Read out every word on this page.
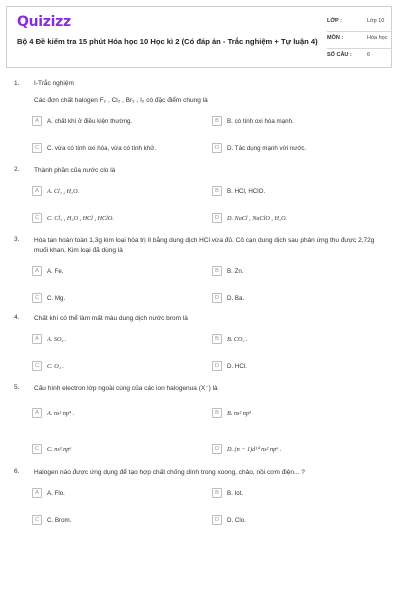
Quizizz
Bộ 4 Đề kiểm tra 15 phút Hóa học 10 Học kì 2 (Có đáp án - Trắc nghiệm + Tự luận 4)
LỚP :	Lớp 10
MÔN :	Hóa học
SỐ CÂU :	6
1. I-Trắc nghiệm
Các đơn chất halogen F₂ , Cl₂ , Br₂ , I₂ có đặc điểm chung là
A	A. chất khí ở điều kiện thường.	B	B. có tính oxi hóa mạnh.
C	C. vừa có tính oxi hóa, vừa có tính khử.	D	D. Tác dụng mạnh với nước.
2. Thành phần của nước clo là
A	A. Cl₂ , H₂O.	B	B. HCl, HClO.
C	C. Cl₂ , H₂O , HCl , HClO.	D	D. NaCl , NaClO , H₂O.
3. Hòa tan hoàn toàn 1,3g kim loại hóa trị II bằng dung dịch HCl vừa đủ. Cô cạn dung dịch sau phản ứng thu được 2,72g muối khan. Kim loại đã dùng là
A	A. Fe.	B	B. Zn.
C	C. Mg.	D	D. Ba.
4. Chất khí có thể làm mất màu dung dịch nước brom là
A	A. SO₂ .	B	B. CO₂ .
C	C. O₂ .	D	D. HCl.
5. Cấu hình electron lớp ngoài cùng của các ion halogenua (X⁻) là
A	A. ns² np⁴ .	B	B. ns² np⁵
C	C. ns² np⁶	D	D. (n − 1)d¹⁰ ns² np⁶ .
6. Halogen nào được ứng dụng để tạo hợp chất chống dính trong xoong, chảo, nồi cơm điện... ?
A	A. Flo.	B	B. Iot.
C	C. Brom.	D	D. Clo.
